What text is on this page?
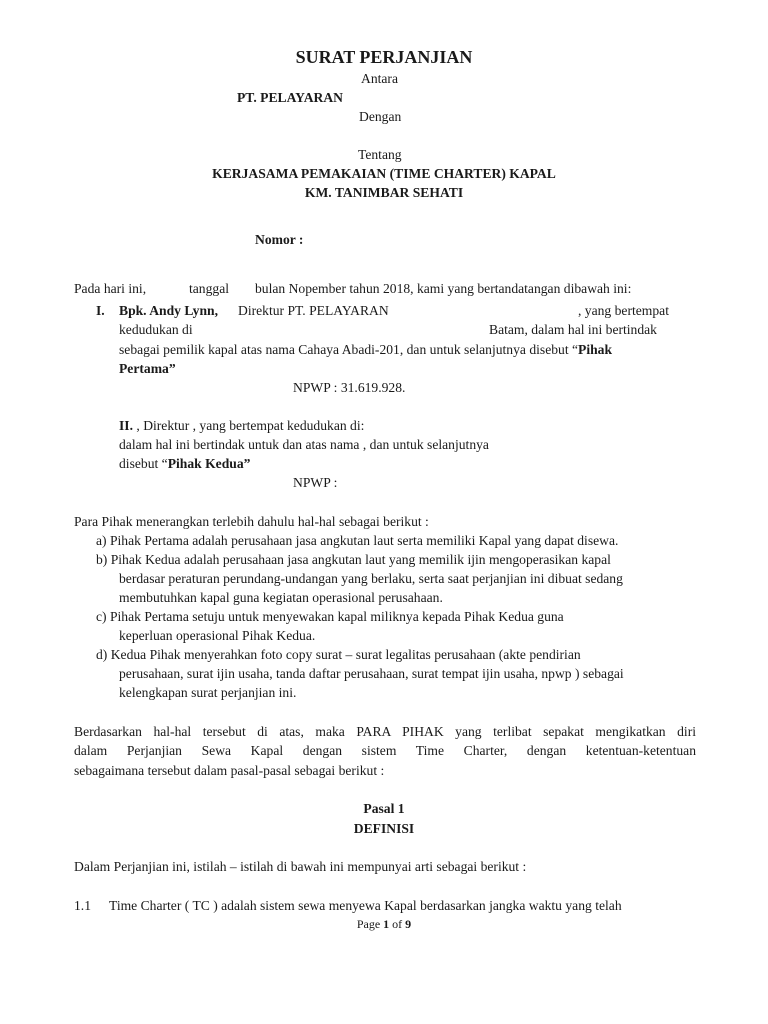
SURAT PERJANJIAN
Antara
PT. PELAYARAN
Dengan
Tentang
KERJASAMA PEMAKAIAN (TIME CHARTER) KAPAL
KM. TANIMBAR SEHATI
Nomor :
Pada hari ini,	tanggal bulan Nopember tahun 2018, kami yang bertandatangan dibawah ini:
I. Bpk. Andy Lynn, Direktur PT. PELAYARAN	, yang bertempat
kedudukan di	Batam, dalam hal ini bertindak
sebagai pemilik kapal atas nama Cahaya Abadi-201, dan untuk selanjutnya disebut “Pihak
Pertama”
NPWP : 31.619.928.
II. , Direktur , yang bertempat kedudukan di:
dalam hal ini bertindak untuk dan atas nama , dan untuk selanjutnya
disebut “Pihak Kedua”
NPWP :
Para Pihak menerangkan terlebih dahulu hal-hal sebagai berikut :
a) Pihak Pertama adalah perusahaan jasa angkutan laut serta memiliki Kapal yang dapat disewa.
b) Pihak Kedua adalah perusahaan jasa angkutan laut yang memilik ijin mengoperasikan kapal
berdasar peraturan perundang-undangan yang berlaku, serta saat perjanjian ini dibuat sedang
membutuhkan kapal guna kegiatan operasional perusahaan.
c) Pihak Pertama setuju untuk menyewakan kapal miliknya kepada Pihak Kedua guna
keperluan operasional Pihak Kedua.
d) Kedua Pihak menyerahkan foto copy surat – surat legalitas perusahaan (akte pendirian
perusahaan, surat ijin usaha, tanda daftar perusahaan, surat tempat ijin usaha, npwp ) sebagai
kelengkapan surat perjanjian ini.
Berdasarkan hal-hal tersebut di atas, maka PARA PIHAK yang terlibat sepakat mengikatkan diri
dalam Perjanjian Sewa Kapal dengan sistem Time Charter, dengan ketentuan-ketentuan
sebagaimana tersebut dalam pasal-pasal sebagai berikut :
Pasal 1
DEFINISI
Dalam Perjanjian ini, istilah – istilah di bawah ini mempunyai arti sebagai berikut :
1.1 Time Charter ( TC ) adalah sistem sewa menyewa Kapal berdasarkan jangka waktu yang telah
Page 1 of 9
